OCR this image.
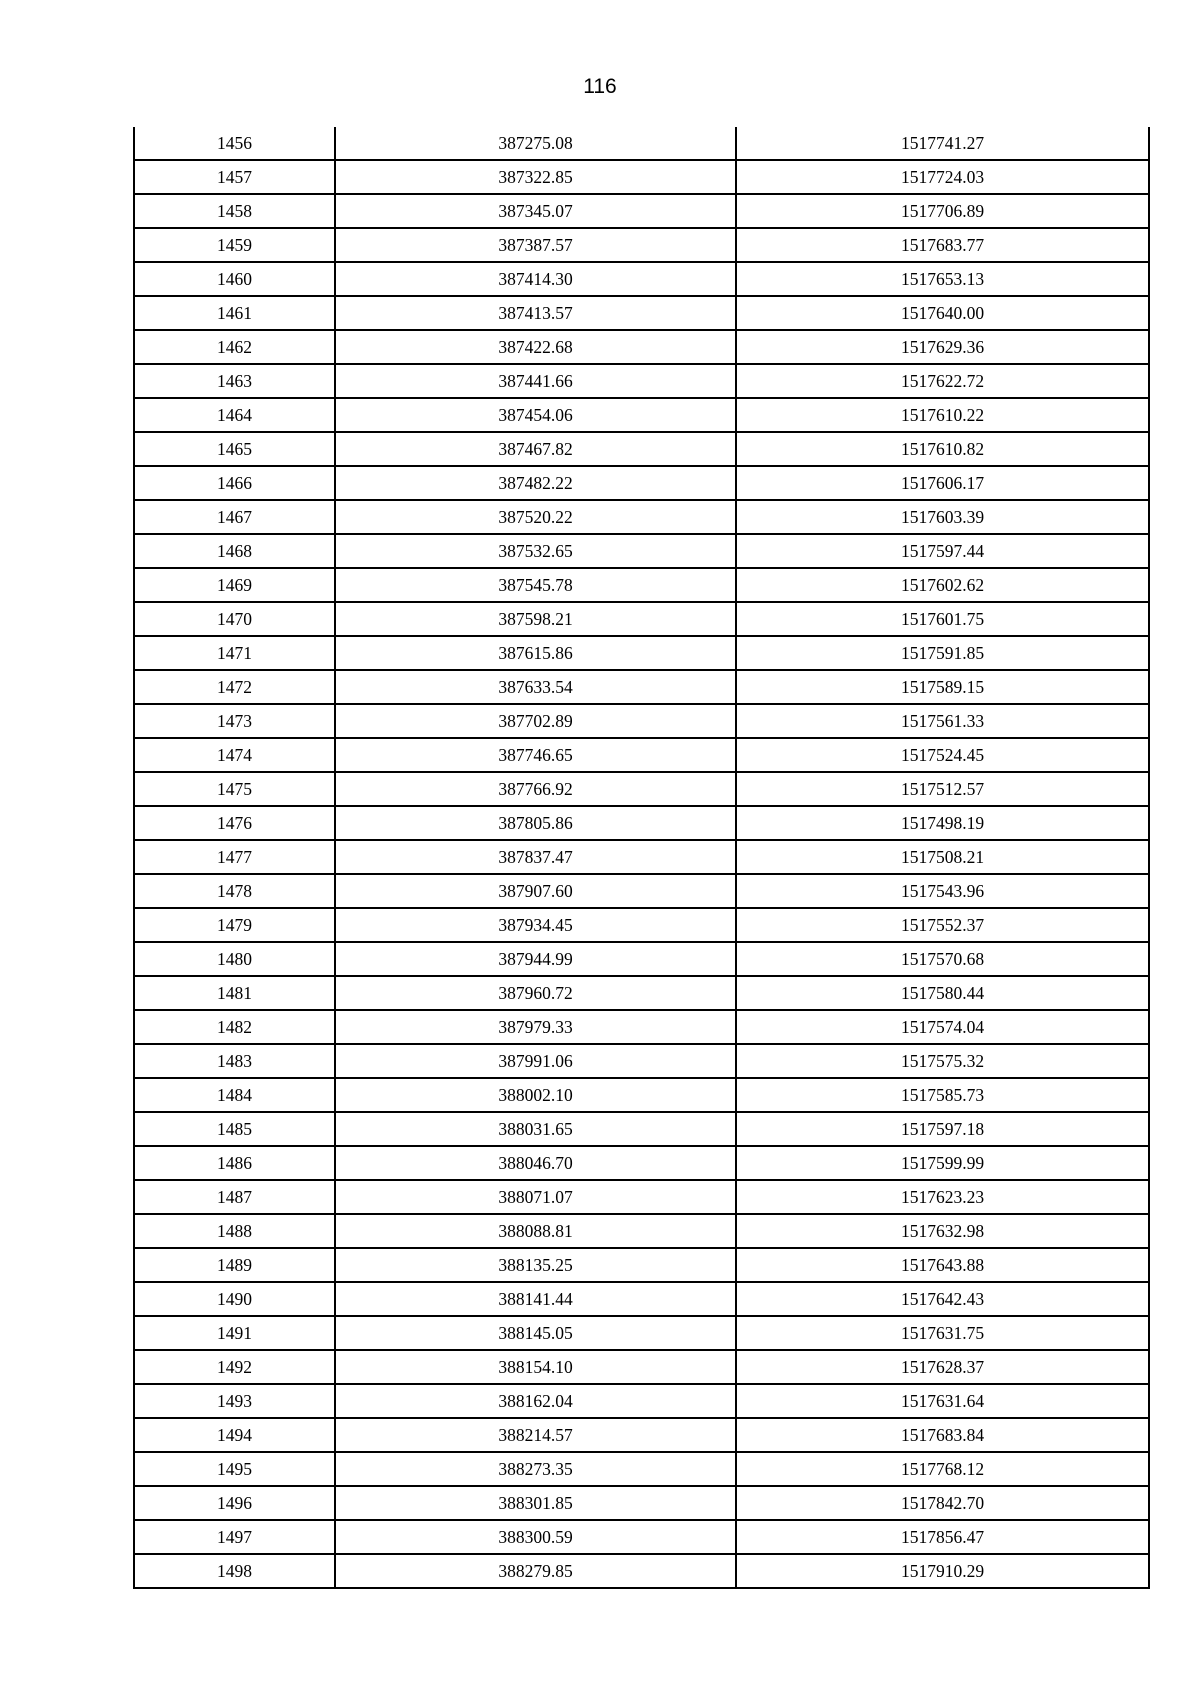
116
1456	387275.08	1517741.27
1457	387322.85	1517724.03
1458	387345.07	1517706.89
1459	387387.57	1517683.77
1460	387414.30	1517653.13
1461	387413.57	1517640.00
1462	387422.68	1517629.36
1463	387441.66	1517622.72
1464	387454.06	1517610.22
1465	387467.82	1517610.82
1466	387482.22	1517606.17
1467	387520.22	1517603.39
1468	387532.65	1517597.44
1469	387545.78	1517602.62
1470	387598.21	1517601.75
1471	387615.86	1517591.85
1472	387633.54	1517589.15
1473	387702.89	1517561.33
1474	387746.65	1517524.45
1475	387766.92	1517512.57
1476	387805.86	1517498.19
1477	387837.47	1517508.21
1478	387907.60	1517543.96
1479	387934.45	1517552.37
1480	387944.99	1517570.68
1481	387960.72	1517580.44
1482	387979.33	1517574.04
1483	387991.06	1517575.32
1484	388002.10	1517585.73
1485	388031.65	1517597.18
1486	388046.70	1517599.99
1487	388071.07	1517623.23
1488	388088.81	1517632.98
1489	388135.25	1517643.88
1490	388141.44	1517642.43
1491	388145.05	1517631.75
1492	388154.10	1517628.37
1493	388162.04	1517631.64
1494	388214.57	1517683.84
1495	388273.35	1517768.12
1496	388301.85	1517842.70
1497	388300.59	1517856.47
1498	388279.85	1517910.29
